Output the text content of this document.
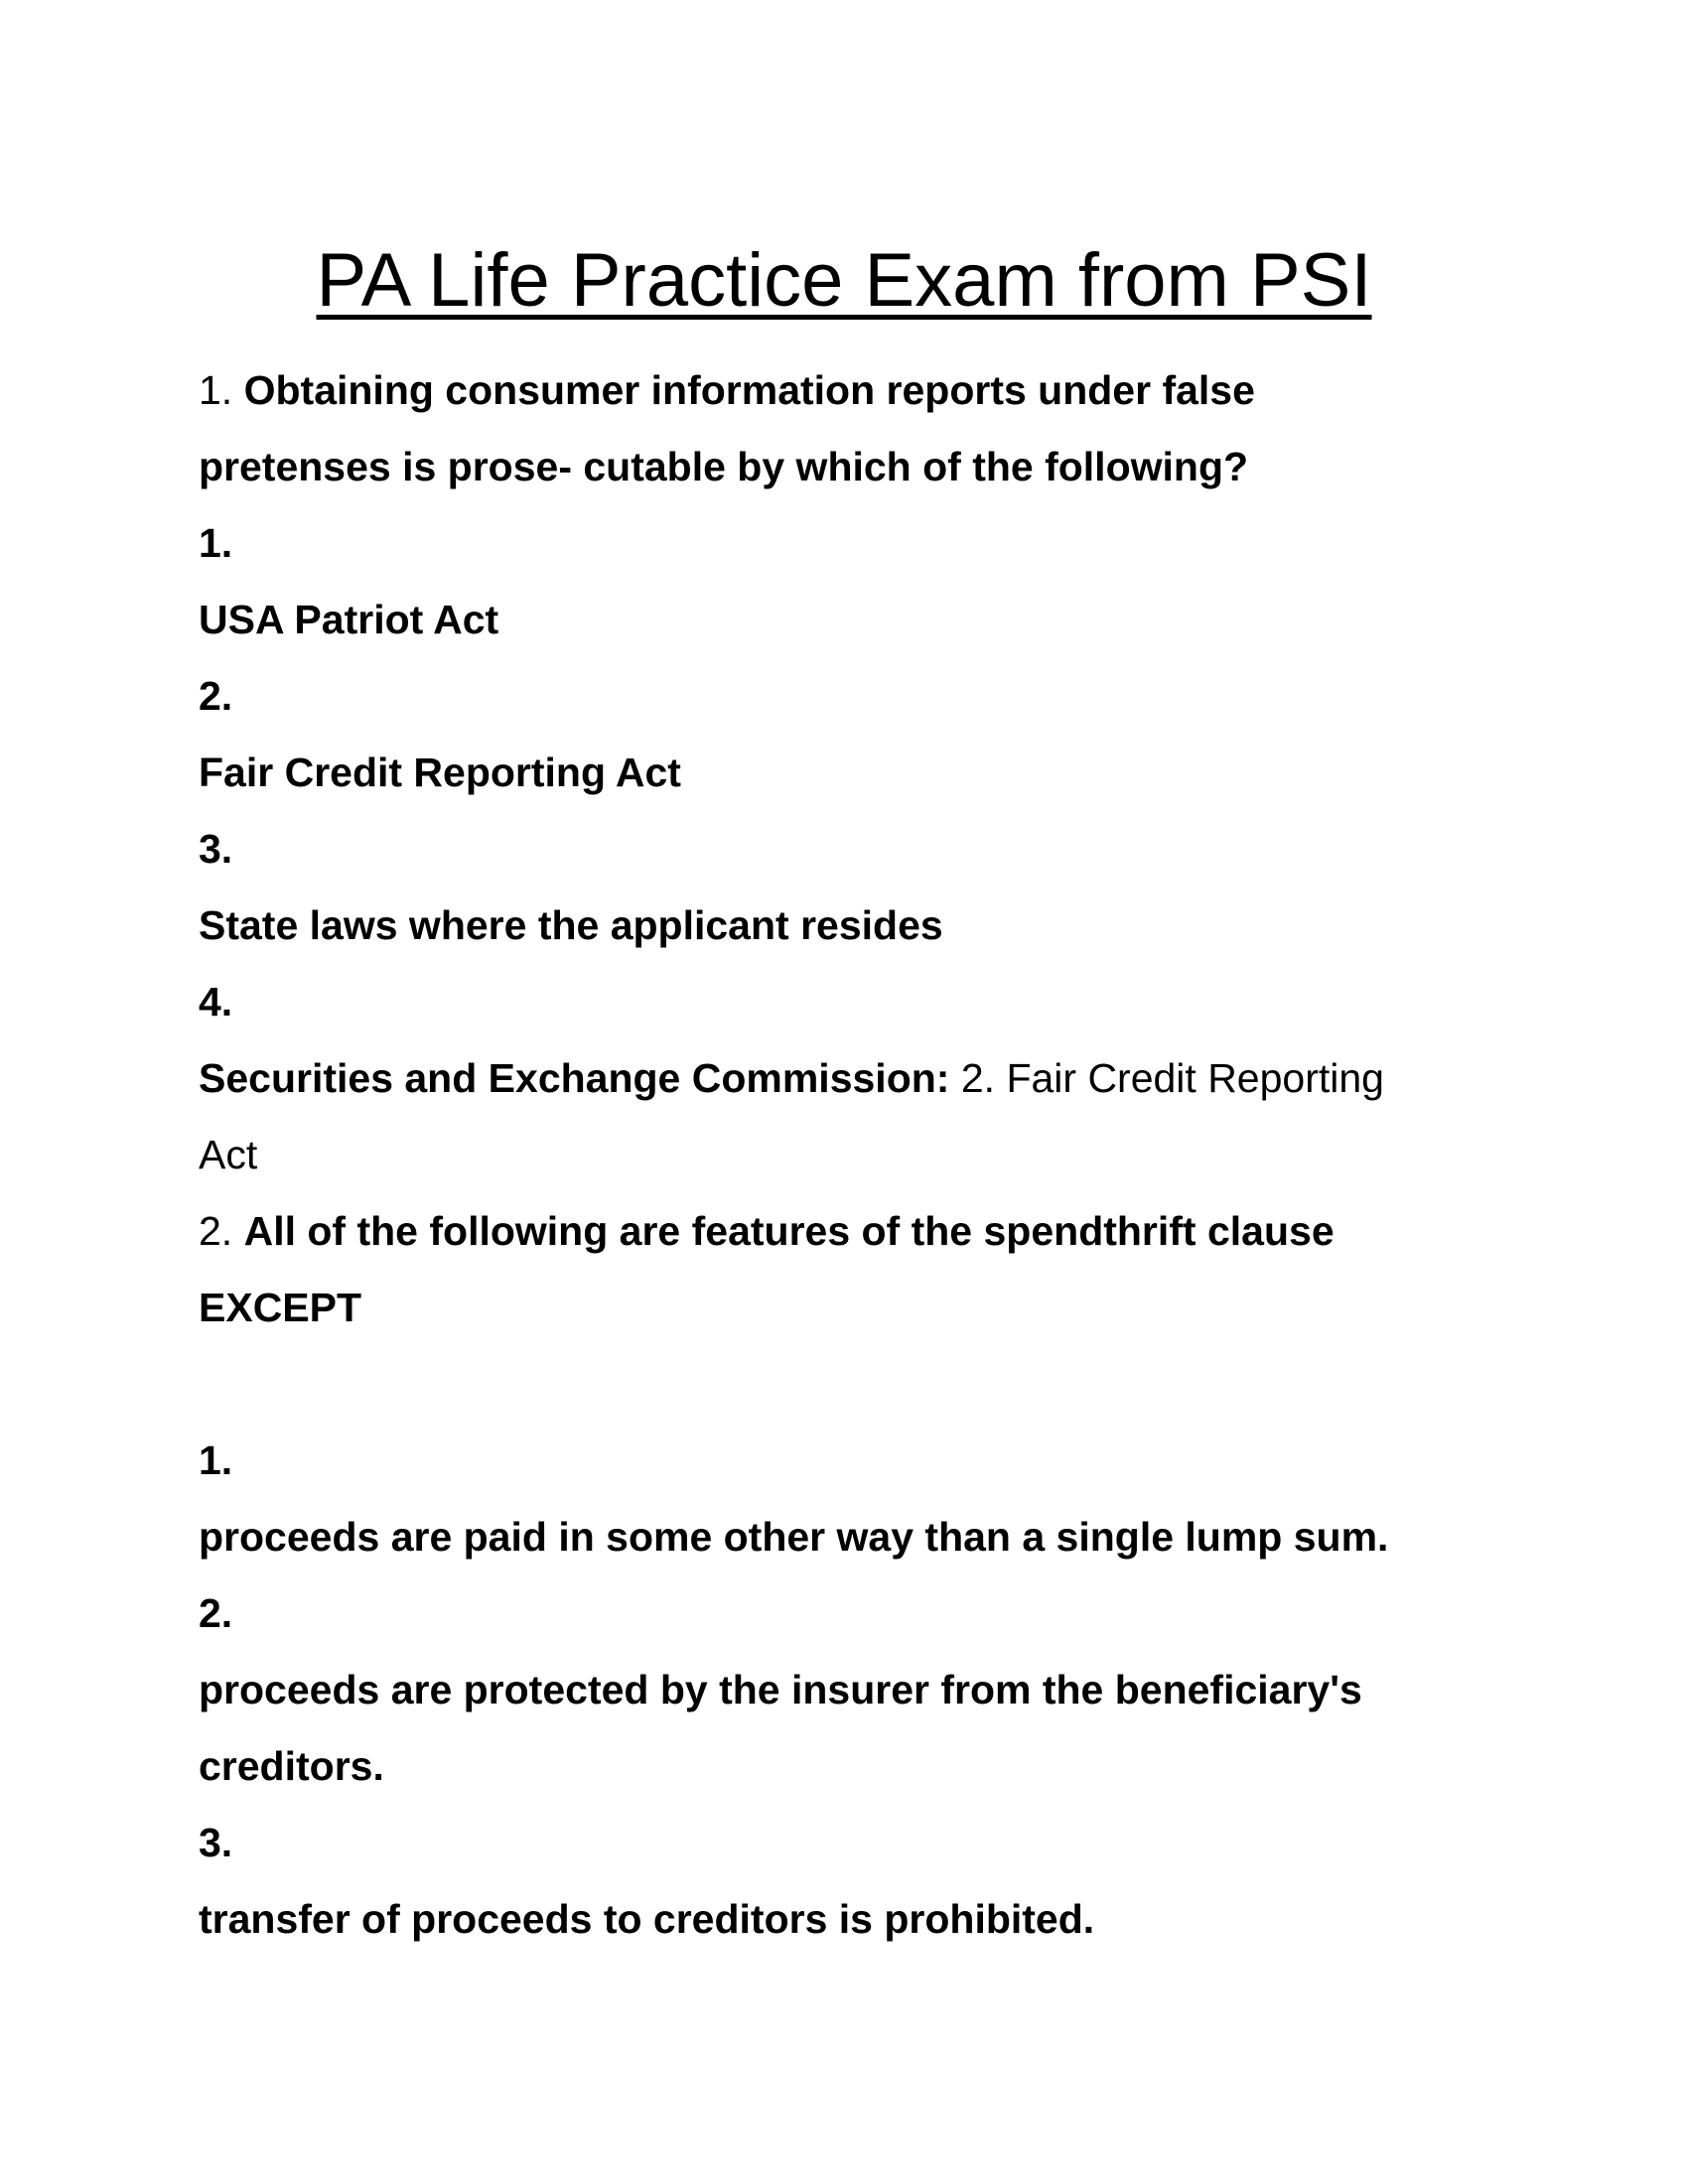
PA Life Practice Exam from PSI
1. Obtaining consumer information reports under false
pretenses is prose- cutable by which of the following?
1.
USA Patriot Act
2.
Fair Credit Reporting Act
3.
State laws where the applicant resides
4.
Securities and Exchange Commission: 2. Fair Credit Reporting
Act
2. All of the following are features of the spendthrift clause
EXCEPT
1.
proceeds are paid in some other way than a single lump sum.
2.
proceeds are protected by the insurer from the beneficiary's
creditors.
3.
transfer of proceeds to creditors is prohibited.
